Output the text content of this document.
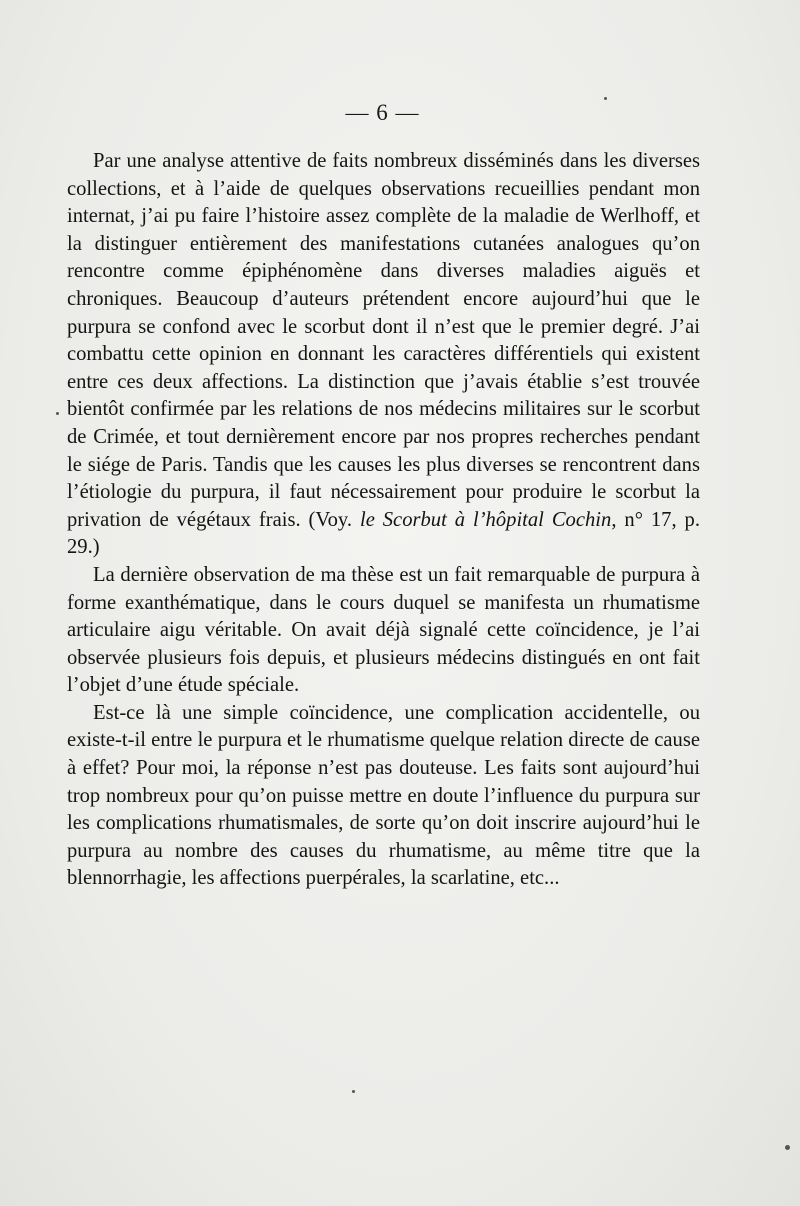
— 6 —

Par une analyse attentive de faits nombreux disséminés dans les diverses collections, et à l’aide de quelques observations recueillies pendant mon internat, j’ai pu faire l’histoire assez complète de la maladie de Werlhoff, et la distinguer entièrement des manifestations cutanées analogues qu’on rencontre comme épiphénomène dans diverses maladies aiguës et chroniques. Beaucoup d’auteurs prétendent encore aujourd’hui que le purpura se confond avec le scorbut dont il n’est que le premier degré. J’ai combattu cette opinion en donnant les caractères différentiels qui existent entre ces deux affections. La distinction que j’avais établie s’est trouvée bientôt confirmée par les relations de nos médecins militaires sur le scorbut de Crimée, et tout dernièrement encore par nos propres recherches pendant le siége de Paris. Tandis que les causes les plus diverses se rencontrent dans l’étiologie du purpura, il faut nécessairement pour produire le scorbut la privation de végétaux frais. (Voy. le Scorbut à l’hôpital Cochin, n° 17, p. 29.)

La dernière observation de ma thèse est un fait remarquable de purpura à forme exanthématique, dans le cours duquel se manifesta un rhumatisme articulaire aigu véritable. On avait déjà signalé cette coïncidence, je l’ai observée plusieurs fois depuis, et plusieurs médecins distingués en ont fait l’objet d’une étude spéciale.

Est-ce là une simple coïncidence, une complication accidentelle, ou existe-t-il entre le purpura et le rhumatisme quelque relation directe de cause à effet? Pour moi, la réponse n’est pas douteuse. Les faits sont aujourd’hui trop nombreux pour qu’on puisse mettre en doute l’influence du purpura sur les complications rhumatismales, de sorte qu’on doit inscrire aujourd’hui le purpura au nombre des causes du rhumatisme, au même titre que la blennorrhagie, les affections puerpérales, la scarlatine, etc...
